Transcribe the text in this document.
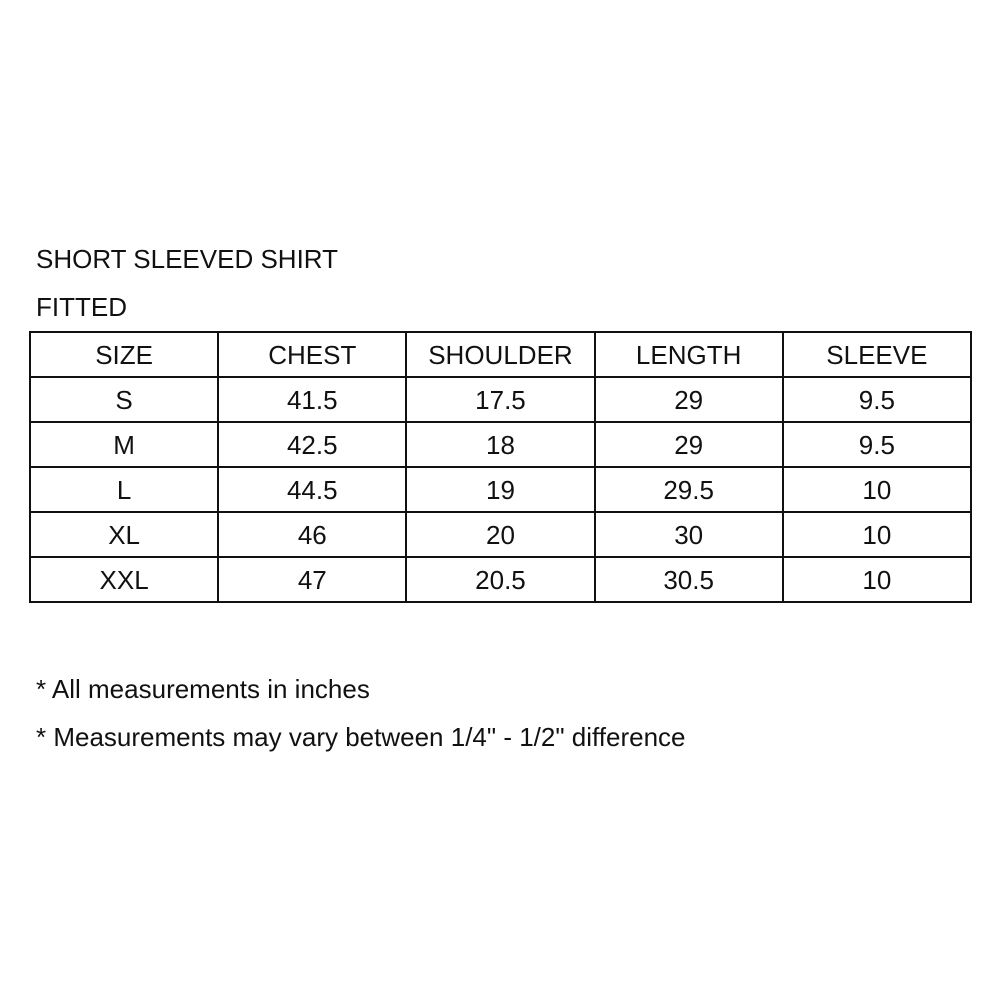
SHORT SLEEVED SHIRT
FITTED
SIZE	CHEST	SHOULDER	LENGTH	SLEEVE
S	41.5	17.5	29	9.5
M	42.5	18	29	9.5
L	44.5	19	29.5	10
XL	46	20	30	10
XXL	47	20.5	30.5	10
* All measurements in inches
* Measurements may vary between 1/4" - 1/2" difference
